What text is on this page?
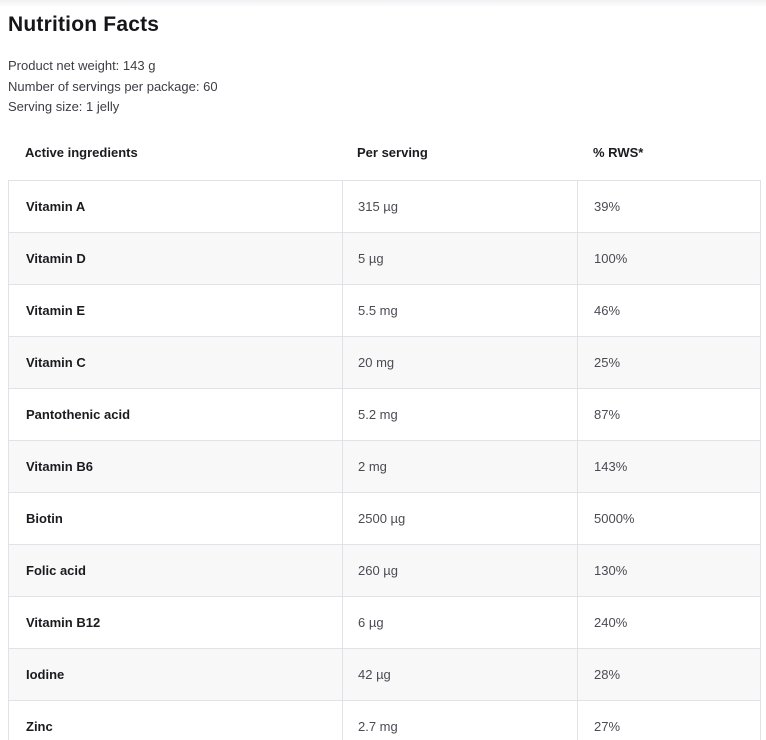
Nutrition Facts
Product net weight: 143 g
Number of servings per package: 60
Serving size: 1 jelly
Active ingredients	Per serving	% RWS*
Vitamin A	315 µg	39%
Vitamin D	5 µg	100%
Vitamin E	5.5 mg	46%
Vitamin C	20 mg	25%
Pantothenic acid	5.2 mg	87%
Vitamin B6	2 mg	143%
Biotin	2500 µg	5000%
Folic acid	260 µg	130%
Vitamin B12	6 µg	240%
Iodine	42 µg	28%
Zinc	2.7 mg	27%
